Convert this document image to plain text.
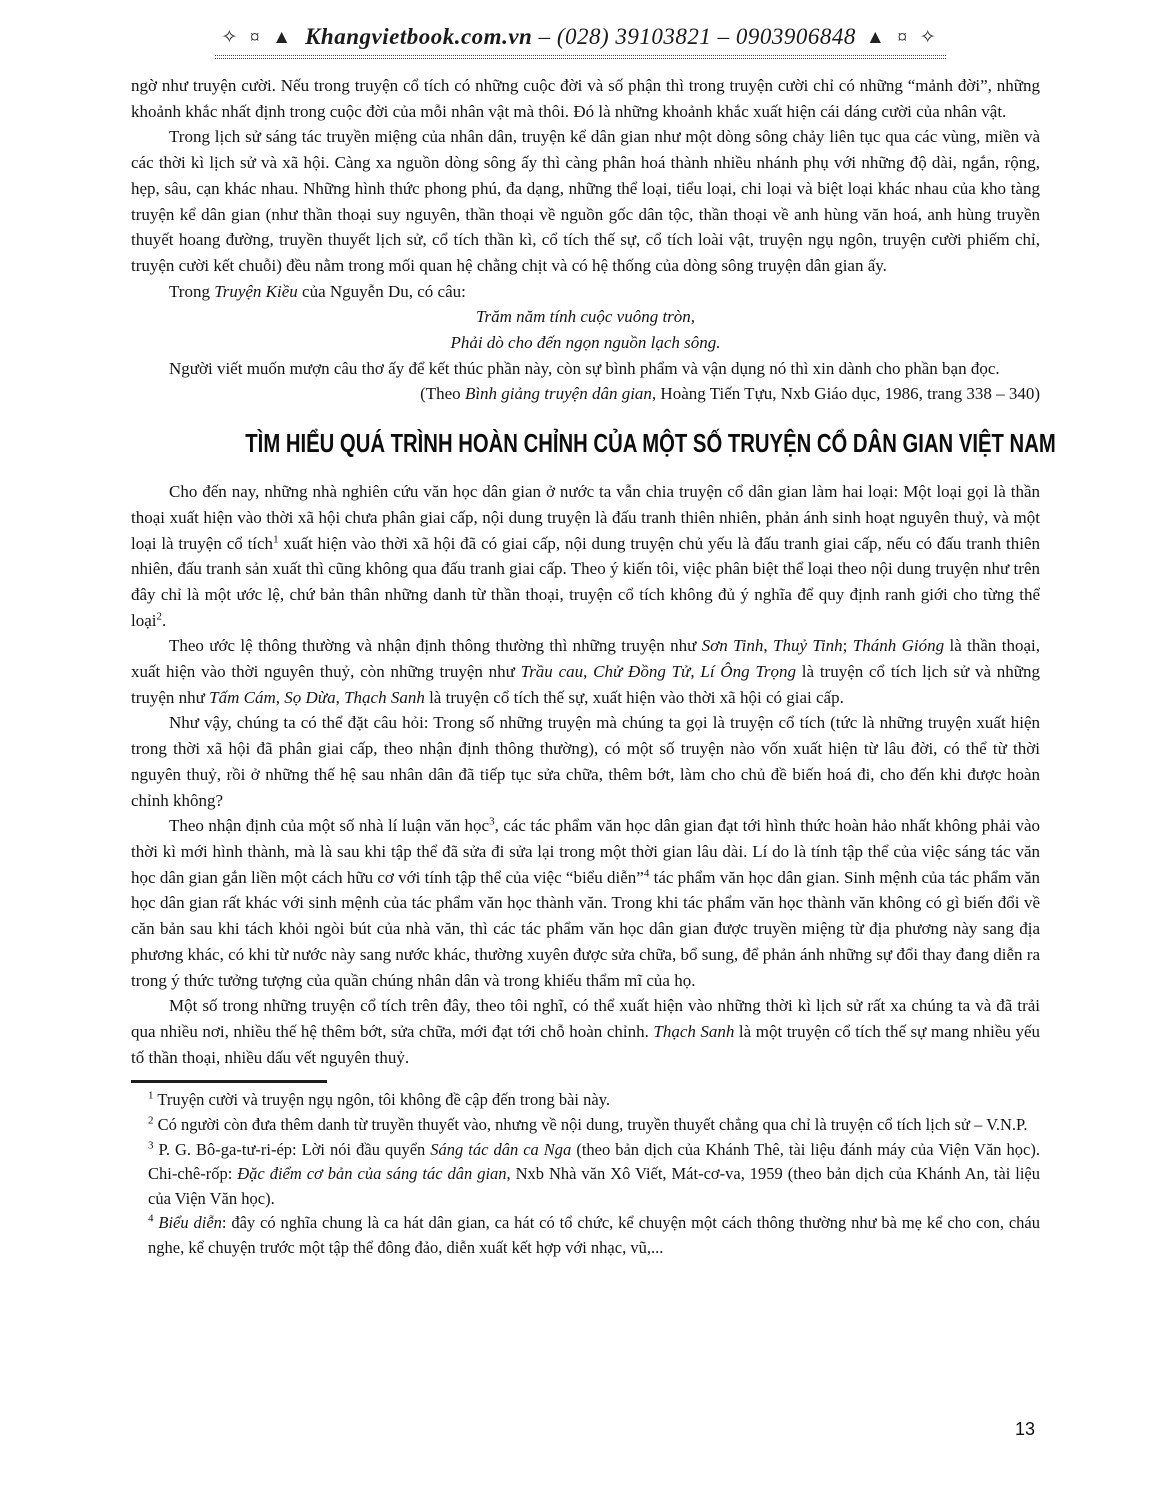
✧ ¤ ▲ Khangvietbook.com.vn – (028) 39103821 – 0903906848 ▲ ¤ ✧
ngờ như truyện cười. Nếu trong truyện cổ tích có những cuộc đời và số phận thì trong truyện cười chỉ có những “mảnh đời”, những khoảnh khắc nhất định trong cuộc đời của mỗi nhân vật mà thôi. Đó là những khoảnh khắc xuất hiện cái dáng cười của nhân vật.
Trong lịch sử sáng tác truyền miệng của nhân dân, truyện kể dân gian như một dòng sông chảy liên tục qua các vùng, miền và các thời kì lịch sử và xã hội. Càng xa nguồn dòng sông ấy thì càng phân hoá thành nhiều nhánh phụ với những độ dài, ngắn, rộng, hẹp, sâu, cạn khác nhau. Những hình thức phong phú, đa dạng, những thể loại, tiểu loại, chi loại và biệt loại khác nhau của kho tàng truyện kể dân gian (như thần thoại suy nguyên, thần thoại về nguồn gốc dân tộc, thần thoại về anh hùng văn hoá, anh hùng truyền thuyết hoang đường, truyền thuyết lịch sử, cổ tích thần kì, cổ tích thế sự, cổ tích loài vật, truyện ngụ ngôn, truyện cười phiếm chỉ, truyện cười kết chuỗi) đều nằm trong mối quan hệ chằng chịt và có hệ thống của dòng sông truyện dân gian ấy.
Trong Truyện Kiều của Nguyễn Du, có câu:
Trăm năm tính cuộc vuông tròn,
Phải dò cho đến ngọn nguồn lạch sông.
Người viết muốn mượn câu thơ ấy để kết thúc phần này, còn sự bình phẩm và vận dụng nó thì xin dành cho phần bạn đọc.
(Theo Bình giảng truyện dân gian, Hoàng Tiến Tựu, Nxb Giáo dục, 1986, trang 338 – 340)
TÌM HIỂU QUÁ TRÌNH HOÀN CHỈNH CỦA MỘT SỐ TRUYỆN CỔ DÂN GIAN VIỆT NAM
Cho đến nay, những nhà nghiên cứu văn học dân gian ở nước ta vẫn chia truyện cổ dân gian làm hai loại: Một loại gọi là thần thoại xuất hiện vào thời xã hội chưa phân giai cấp, nội dung truyện là đấu tranh thiên nhiên, phản ánh sinh hoạt nguyên thuỷ, và một loại là truyện cổ tích$^1$ xuất hiện vào thời xã hội đã có giai cấp, nội dung truyện chủ yếu là đấu tranh giai cấp, nếu có đấu tranh thiên nhiên, đấu tranh sản xuất thì cũng không qua đấu tranh giai cấp. Theo ý kiến tôi, việc phân biệt thể loại theo nội dung truyện như trên đây chỉ là một ước lệ, chứ bản thân những danh từ thần thoại, truyện cổ tích không đủ ý nghĩa để quy định ranh giới cho từng thể loại$^2$.
Theo ước lệ thông thường và nhận định thông thường thì những truyện như Sơn Tinh, Thuỷ Tinh; Thánh Gióng là thần thoại, xuất hiện vào thời nguyên thuỷ, còn những truyện như Trầu cau, Chử Đồng Tử, Lí Ông Trọng là truyện cổ tích lịch sử và những truyện như Tấm Cám, Sọ Dừa, Thạch Sanh là truyện cổ tích thế sự, xuất hiện vào thời xã hội có giai cấp.
Như vậy, chúng ta có thể đặt câu hỏi: Trong số những truyện mà chúng ta gọi là truyện cổ tích (tức là những truyện xuất hiện trong thời xã hội đã phân giai cấp, theo nhận định thông thường), có một số truyện nào vốn xuất hiện từ lâu đời, có thể từ thời nguyên thuỷ, rồi ở những thế hệ sau nhân dân đã tiếp tục sửa chữa, thêm bớt, làm cho chủ đề biến hoá đi, cho đến khi được hoàn chỉnh không?
Theo nhận định của một số nhà lí luận văn học$^3$, các tác phẩm văn học dân gian đạt tới hình thức hoàn hảo nhất không phải vào thời kì mới hình thành, mà là sau khi tập thể đã sửa đi sửa lại trong một thời gian lâu dài. Lí do là tính tập thể của việc sáng tác văn học dân gian gắn liền một cách hữu cơ với tính tập thể của việc “biểu diễn”$^4$ tác phẩm văn học dân gian. Sinh mệnh của tác phẩm văn học dân gian rất khác với sinh mệnh của tác phẩm văn học thành văn. Trong khi tác phẩm văn học thành văn không có gì biến đổi về căn bản sau khi tách khỏi ngòi bút của nhà văn, thì các tác phẩm văn học dân gian được truyền miệng từ địa phương này sang địa phương khác, có khi từ nước này sang nước khác, thường xuyên được sửa chữa, bổ sung, để phản ánh những sự đổi thay đang diễn ra trong ý thức tưởng tượng của quần chúng nhân dân và trong khiếu thẩm mĩ của họ.
Một số trong những truyện cổ tích trên đây, theo tôi nghĩ, có thể xuất hiện vào những thời kì lịch sử rất xa chúng ta và đã trải qua nhiều nơi, nhiều thế hệ thêm bớt, sửa chữa, mới đạt tới chỗ hoàn chỉnh. Thạch Sanh là một truyện cổ tích thế sự mang nhiều yếu tố thần thoại, nhiều dấu vết nguyên thuỷ.
$^1$ Truyện cười và truyện ngụ ngôn, tôi không đề cập đến trong bài này.
$^2$ Có người còn đưa thêm danh từ truyền thuyết vào, nhưng về nội dung, truyền thuyết chẳng qua chỉ là truyện cổ tích lịch sử – V.N.P.
$^3$ P. G. Bô-ga-tư-ri-ép: Lời nói đầu quyển Sáng tác dân ca Nga (theo bản dịch của Khánh Thê, tài liệu đánh máy của Viện Văn học). Chi-chê-rốp: Đặc điểm cơ bản của sáng tác dân gian, Nxb Nhà văn Xô Viết, Mát-cơ-va, 1959 (theo bản dịch của Khánh An, tài liệu của Viện Văn học).
$^4$ Biểu diễn: đây có nghĩa chung là ca hát dân gian, ca hát có tổ chức, kể chuyện một cách thông thường như bà mẹ kể cho con, cháu nghe, kể chuyện trước một tập thể đông đảo, diễn xuất kết hợp với nhạc, vũ,...
13
